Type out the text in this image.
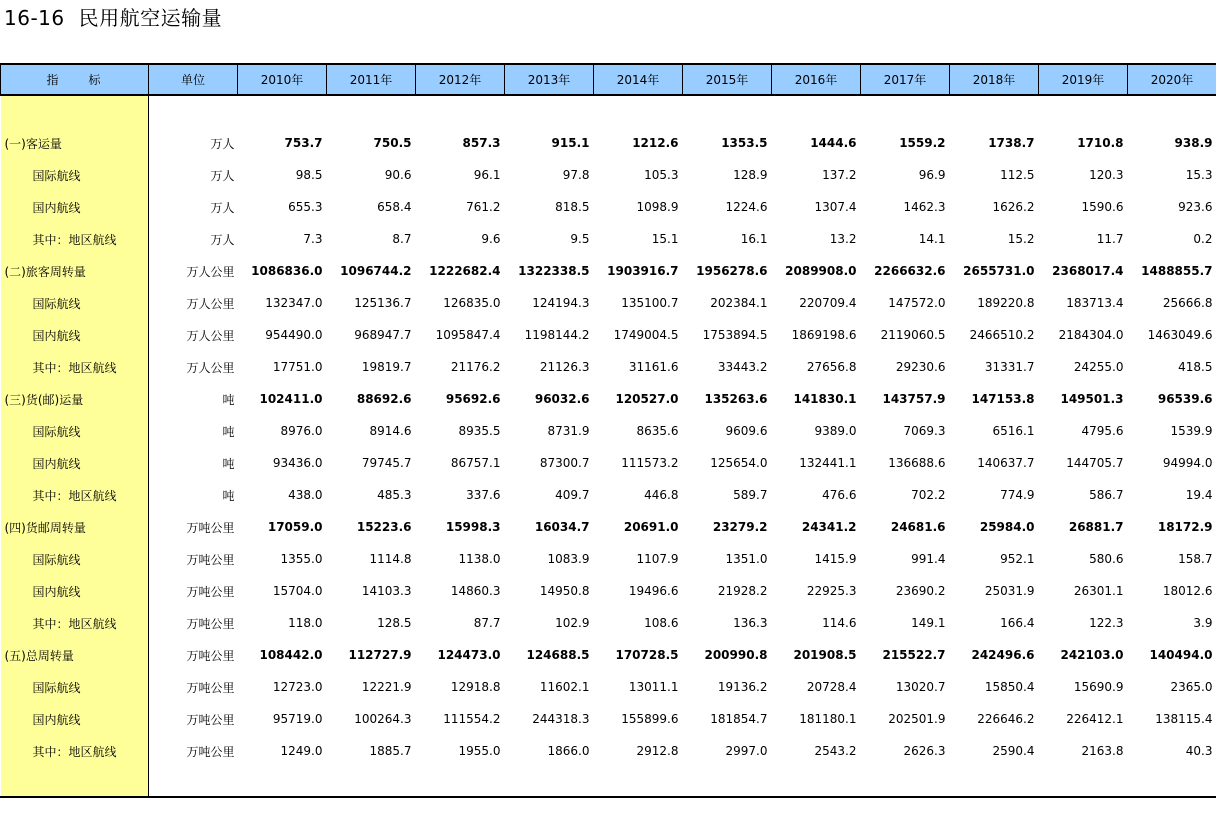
16-16 民用航空运输量
指 标	单位	2010年	2011年	2012年	2013年	2014年	2015年	2016年	2017年	2018年	2019年	2020年

(一)客运量	万人	753.7	750.5	857.3	915.1	1212.6	1353.5	1444.6	1559.2	1738.7	1710.8	938.9
国际航线	万人	98.5	90.6	96.1	97.8	105.3	128.9	137.2	96.9	112.5	120.3	15.3
国内航线	万人	655.3	658.4	761.2	818.5	1098.9	1224.6	1307.4	1462.3	1626.2	1590.6	923.6
其中：地区航线	万人	7.3	8.7	9.6	9.5	15.1	16.1	13.2	14.1	15.2	11.7	0.2
(二)旅客周转量	万人公里	1086836.0	1096744.2	1222682.4	1322338.5	1903916.7	1956278.6	2089908.0	2266632.6	2655731.0	2368017.4	1488855.7
国际航线	万人公里	132347.0	125136.7	126835.0	124194.3	135100.7	202384.1	220709.4	147572.0	189220.8	183713.4	25666.8
国内航线	万人公里	954490.0	968947.7	1095847.4	1198144.2	1749004.5	1753894.5	1869198.6	2119060.5	2466510.2	2184304.0	1463049.6
其中：地区航线	万人公里	17751.0	19819.7	21176.2	21126.3	31161.6	33443.2	27656.8	29230.6	31331.7	24255.0	418.5
(三)货(邮)运量	吨	102411.0	88692.6	95692.6	96032.6	120527.0	135263.6	141830.1	143757.9	147153.8	149501.3	96539.6
国际航线	吨	8976.0	8914.6	8935.5	8731.9	8635.6	9609.6	9389.0	7069.3	6516.1	4795.6	1539.9
国内航线	吨	93436.0	79745.7	86757.1	87300.7	111573.2	125654.0	132441.1	136688.6	140637.7	144705.7	94994.0
其中：地区航线	吨	438.0	485.3	337.6	409.7	446.8	589.7	476.6	702.2	774.9	586.7	19.4
(四)货邮周转量	万吨公里	17059.0	15223.6	15998.3	16034.7	20691.0	23279.2	24341.2	24681.6	25984.0	26881.7	18172.9
国际航线	万吨公里	1355.0	1114.8	1138.0	1083.9	1107.9	1351.0	1415.9	991.4	952.1	580.6	158.7
国内航线	万吨公里	15704.0	14103.3	14860.3	14950.8	19496.6	21928.2	22925.3	23690.2	25031.9	26301.1	18012.6
其中：地区航线	万吨公里	118.0	128.5	87.7	102.9	108.6	136.3	114.6	149.1	166.4	122.3	3.9
(五)总周转量	万吨公里	108442.0	112727.9	124473.0	124688.5	170728.5	200990.8	201908.5	215522.7	242496.6	242103.0	140494.0
国际航线	万吨公里	12723.0	12221.9	12918.8	11602.1	13011.1	19136.2	20728.4	13020.7	15850.4	15690.9	2365.0
国内航线	万吨公里	95719.0	100264.3	111554.2	244318.3	155899.6	181854.7	181180.1	202501.9	226646.2	226412.1	138115.4
其中：地区航线	万吨公里	1249.0	1885.7	1955.0	1866.0	2912.8	2997.0	2543.2	2626.3	2590.4	2163.8	40.3
